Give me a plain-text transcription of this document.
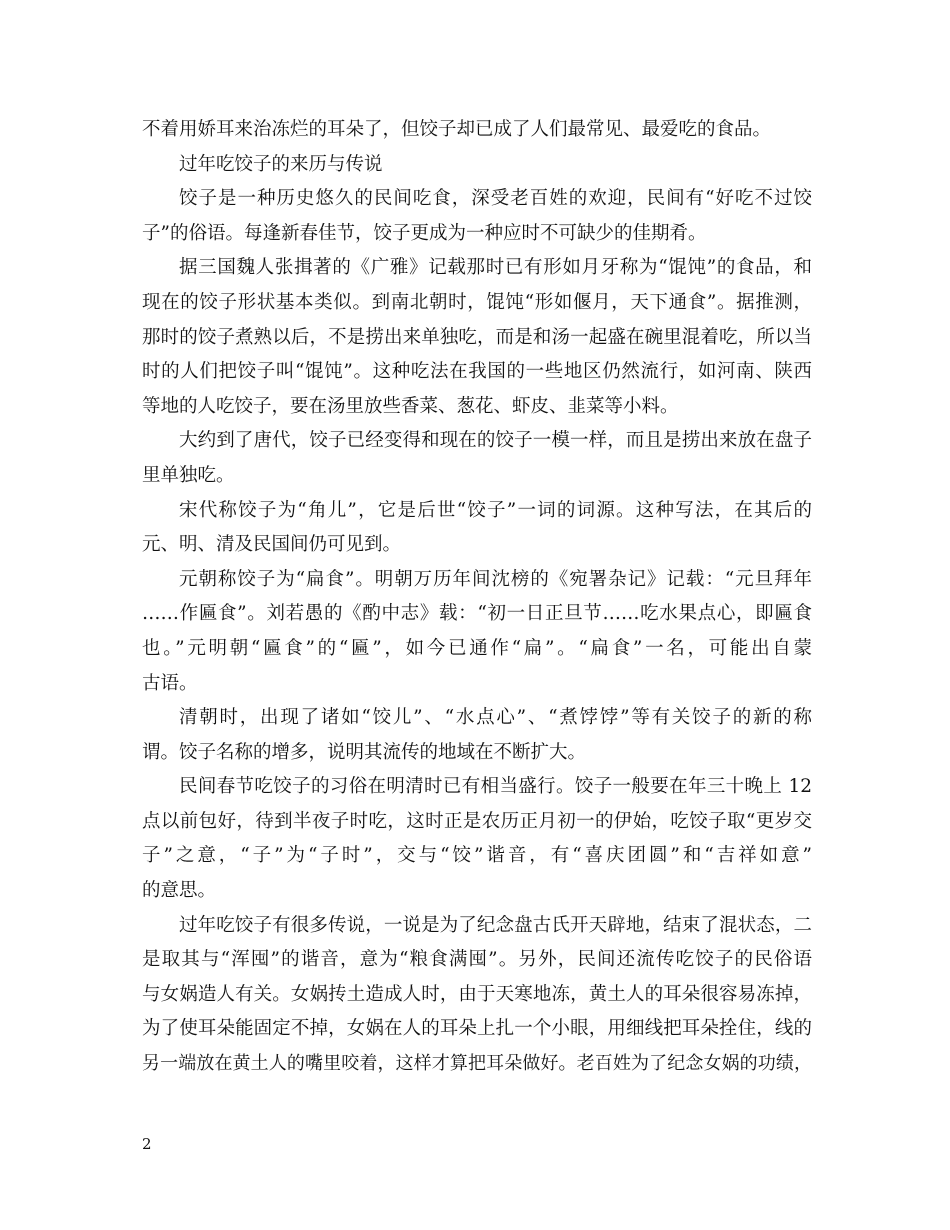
不着用娇耳来治冻烂的耳朵了，但饺子却已成了人们最常见、最爱吃的食品。
过年吃饺子的来历与传说
饺子是一种历史悠久的民间吃食，深受老百姓的欢迎，民间有“好吃不过饺
子”的俗语。每逢新春佳节，饺子更成为一种应时不可缺少的佳期肴。
据三国魏人张揖著的《广雅》记载那时已有形如月牙称为“馄饨”的食品，和
现在的饺子形状基本类似。到南北朝时，馄饨“形如偃月，天下通食”。据推测，
那时的饺子煮熟以后，不是捞出来单独吃，而是和汤一起盛在碗里混着吃，所以当
时的人们把饺子叫“馄饨”。这种吃法在我国的一些地区仍然流行，如河南、陕西
等地的人吃饺子，要在汤里放些香菜、葱花、虾皮、韭菜等小料。
大约到了唐代，饺子已经变得和现在的饺子一模一样，而且是捞出来放在盘子
里单独吃。
宋代称饺子为“角儿”，它是后世“饺子”一词的词源。这种写法，在其后的
元、明、清及民国间仍可见到。
元朝称饺子为“扁食”。明朝万历年间沈榜的《宛署杂记》记载：“元旦拜年
……作匾食”。刘若愚的《酌中志》载：“初一日正旦节……吃水果点心，即匾食
也。”元明朝“匾食”的“匾”，如今已通作“扁”。“扁食”一名，可能出自蒙
古语。
清朝时，出现了诸如“饺儿”、“水点心”、“煮饽饽”等有关饺子的新的称
谓。饺子名称的增多，说明其流传的地域在不断扩大。
民间春节吃饺子的习俗在明清时已有相当盛行。饺子一般要在年三十晚上 12
点以前包好，待到半夜子时吃，这时正是农历正月初一的伊始，吃饺子取“更岁交
子”之意，“子”为“子时”，交与“饺”谐音，有“喜庆团圆”和“吉祥如意”
的意思。
过年吃饺子有很多传说，一说是为了纪念盘古氏开天辟地，结束了混状态，二
是取其与“浑囤”的谐音，意为“粮食满囤”。另外，民间还流传吃饺子的民俗语
与女娲造人有关。女娲抟土造成人时，由于天寒地冻，黄土人的耳朵很容易冻掉，
为了使耳朵能固定不掉，女娲在人的耳朵上扎一个小眼，用细线把耳朵拴住，线的
另一端放在黄土人的嘴里咬着，这样才算把耳朵做好。老百姓为了纪念女娲的功绩，
2
